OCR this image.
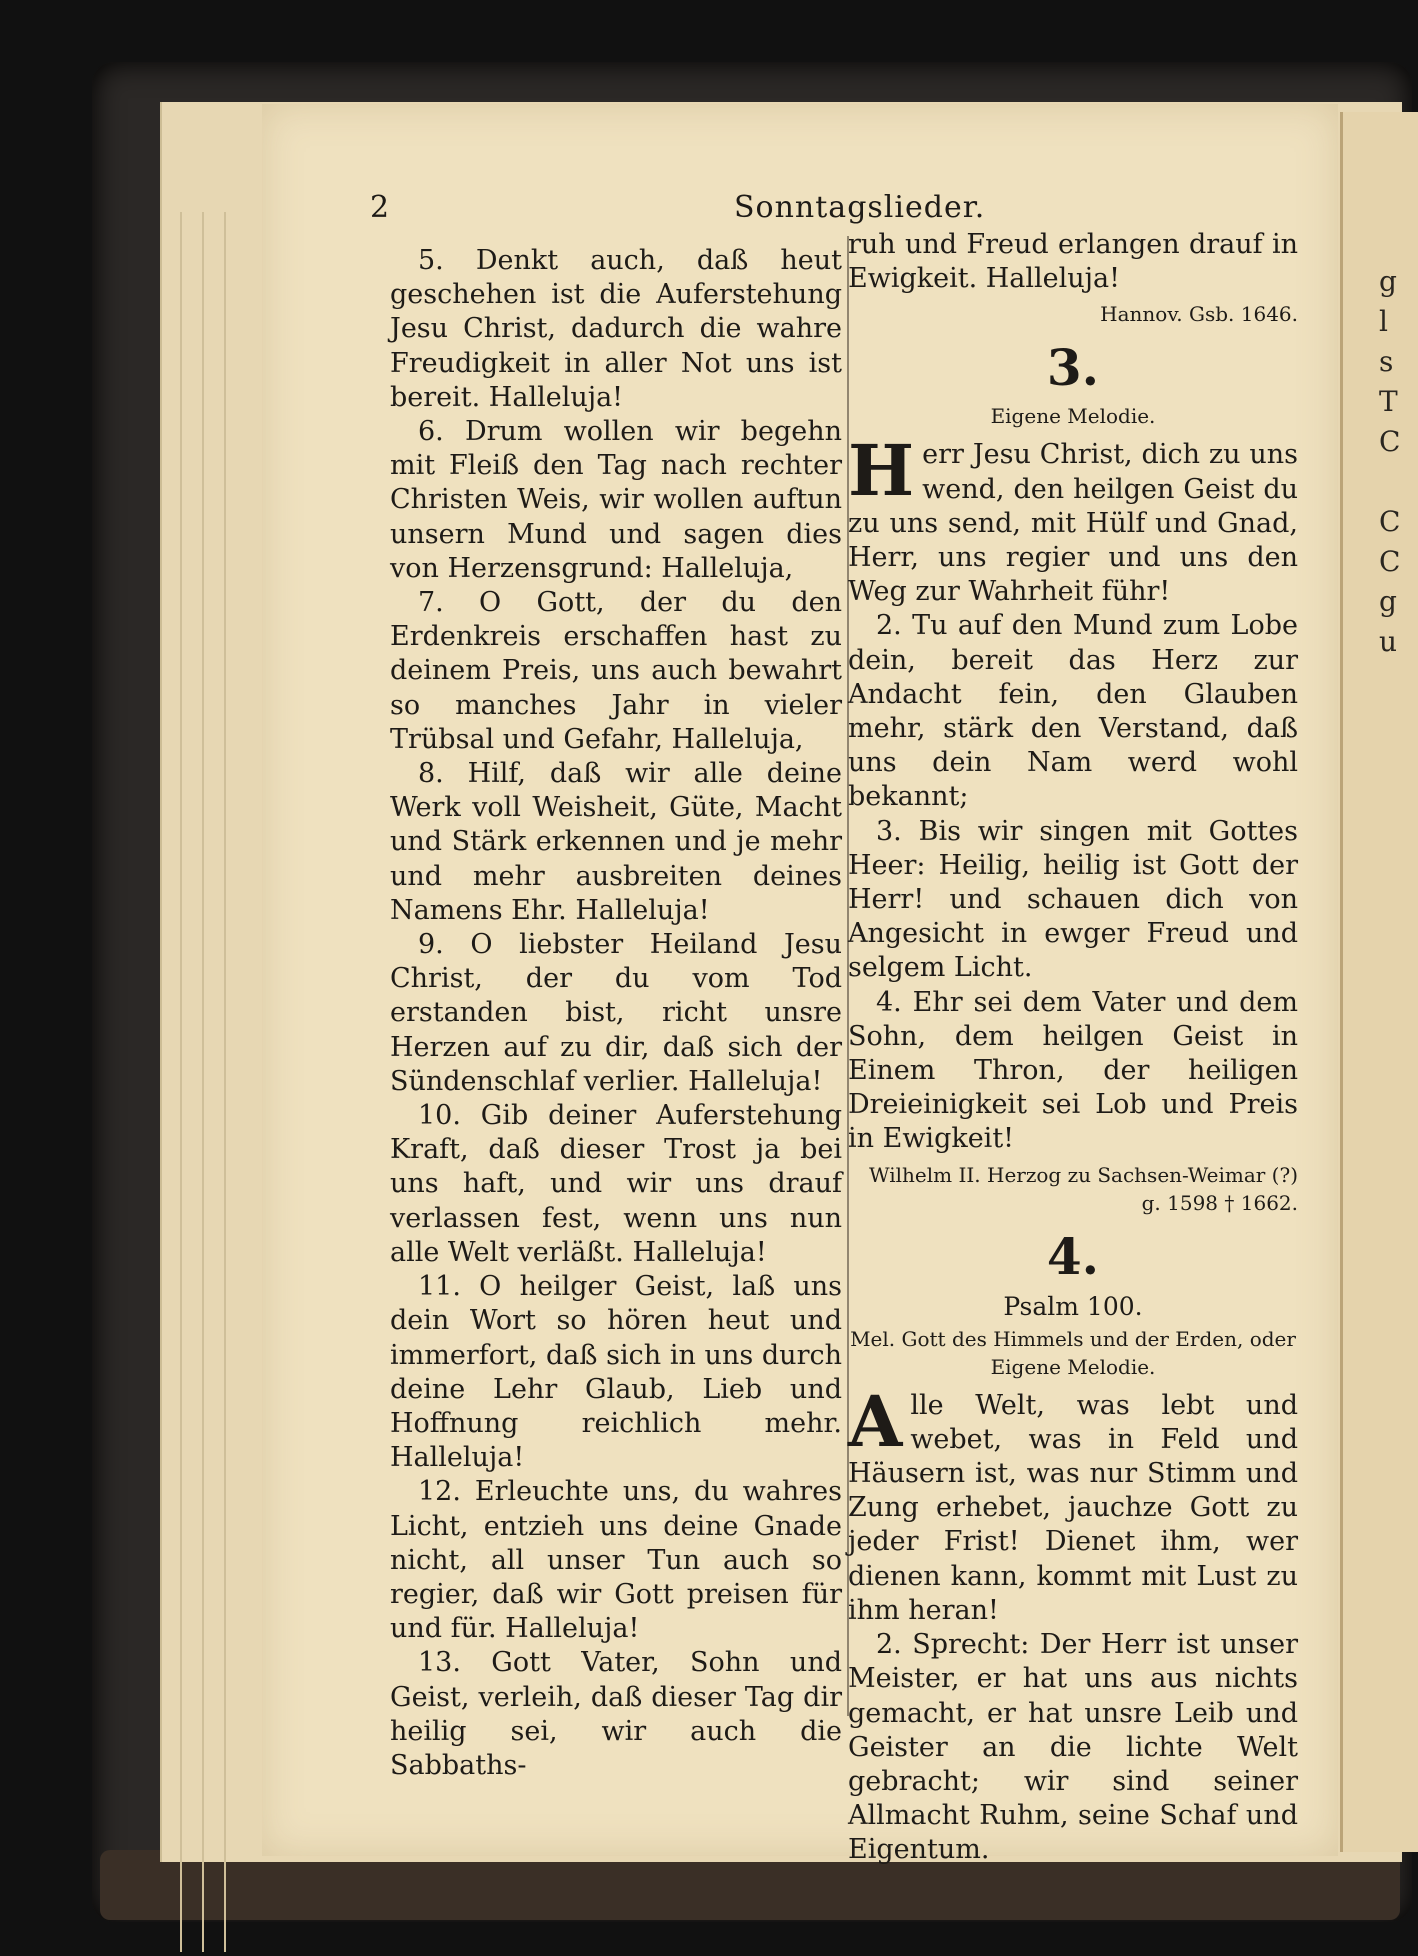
g
l
s
T
C

C
C
g
u
2	Sonntagslieder.

5. Denkt auch, daß heut geschehen ist die Auferstehung Jesu Christ, dadurch die wahre Freudigkeit in aller Not uns ist bereit. Halleluja!

6. Drum wollen wir begehn mit Fleiß den Tag nach rechter Christen Weis, wir wollen auftun unsern Mund und sagen dies von Herzensgrund: Halleluja,

7. O Gott, der du den Erdenkreis erschaffen hast zu deinem Preis, uns auch bewahrt so manches Jahr in vieler Trübsal und Gefahr, Halleluja,

8. Hilf, daß wir alle deine Werk voll Weisheit, Güte, Macht und Stärk erkennen und je mehr und mehr ausbreiten deines Namens Ehr. Halleluja!

9. O liebster Heiland Jesu Christ, der du vom Tod erstanden bist, richt unsre Herzen auf zu dir, daß sich der Sündenschlaf verlier. Halleluja!

10. Gib deiner Auferstehung Kraft, daß dieser Trost ja bei uns haft, und wir uns drauf verlassen fest, wenn uns nun alle Welt verläßt. Halleluja!

11. O heilger Geist, laß uns dein Wort so hören heut und immerfort, daß sich in uns durch deine Lehr Glaub, Lieb und Hoffnung reichlich mehr. Halleluja!

12. Erleuchte uns, du wahres Licht, entzieh uns deine Gnade nicht, all unser Tun auch so regier, daß wir Gott preisen für und für. Halleluja!

13. Gott Vater, Sohn und Geist, verleih, daß dieser Tag dir heilig sei, wir auch die Sabbaths-

ruh und Freud erlangen drauf in Ewigkeit. Halleluja!

Hannov. Gsb. 1646.

3.
Eigene Melodie.

Herr Jesu Christ, dich zu uns wend, den heilgen Geist du zu uns send, mit Hülf und Gnad, Herr, uns regier und uns den Weg zur Wahrheit führ!

2. Tu auf den Mund zum Lobe dein, bereit das Herz zur Andacht fein, den Glauben mehr, stärk den Verstand, daß uns dein Nam werd wohl bekannt;

3. Bis wir singen mit Gottes Heer: Heilig, heilig ist Gott der Herr! und schauen dich von Angesicht in ewger Freud und selgem Licht.

4. Ehr sei dem Vater und dem Sohn, dem heilgen Geist in Einem Thron, der heiligen Dreieinigkeit sei Lob und Preis in Ewigkeit!

Wilhelm II. Herzog zu Sachsen-Weimar (?) g. 1598 † 1662.

4.
Psalm 100.
Mel. Gott des Himmels und der Erden, oder Eigene Melodie.

Alle Welt, was lebt und webet, was in Feld und Häusern ist, was nur Stimm und Zung erhebet, jauchze Gott zu jeder Frist! Dienet ihm, wer dienen kann, kommt mit Lust zu ihm heran!

2. Sprecht: Der Herr ist unser Meister, er hat uns aus nichts gemacht, er hat unsre Leib und Geister an die lichte Welt gebracht; wir sind seiner Allmacht Ruhm, seine Schaf und Eigentum.
